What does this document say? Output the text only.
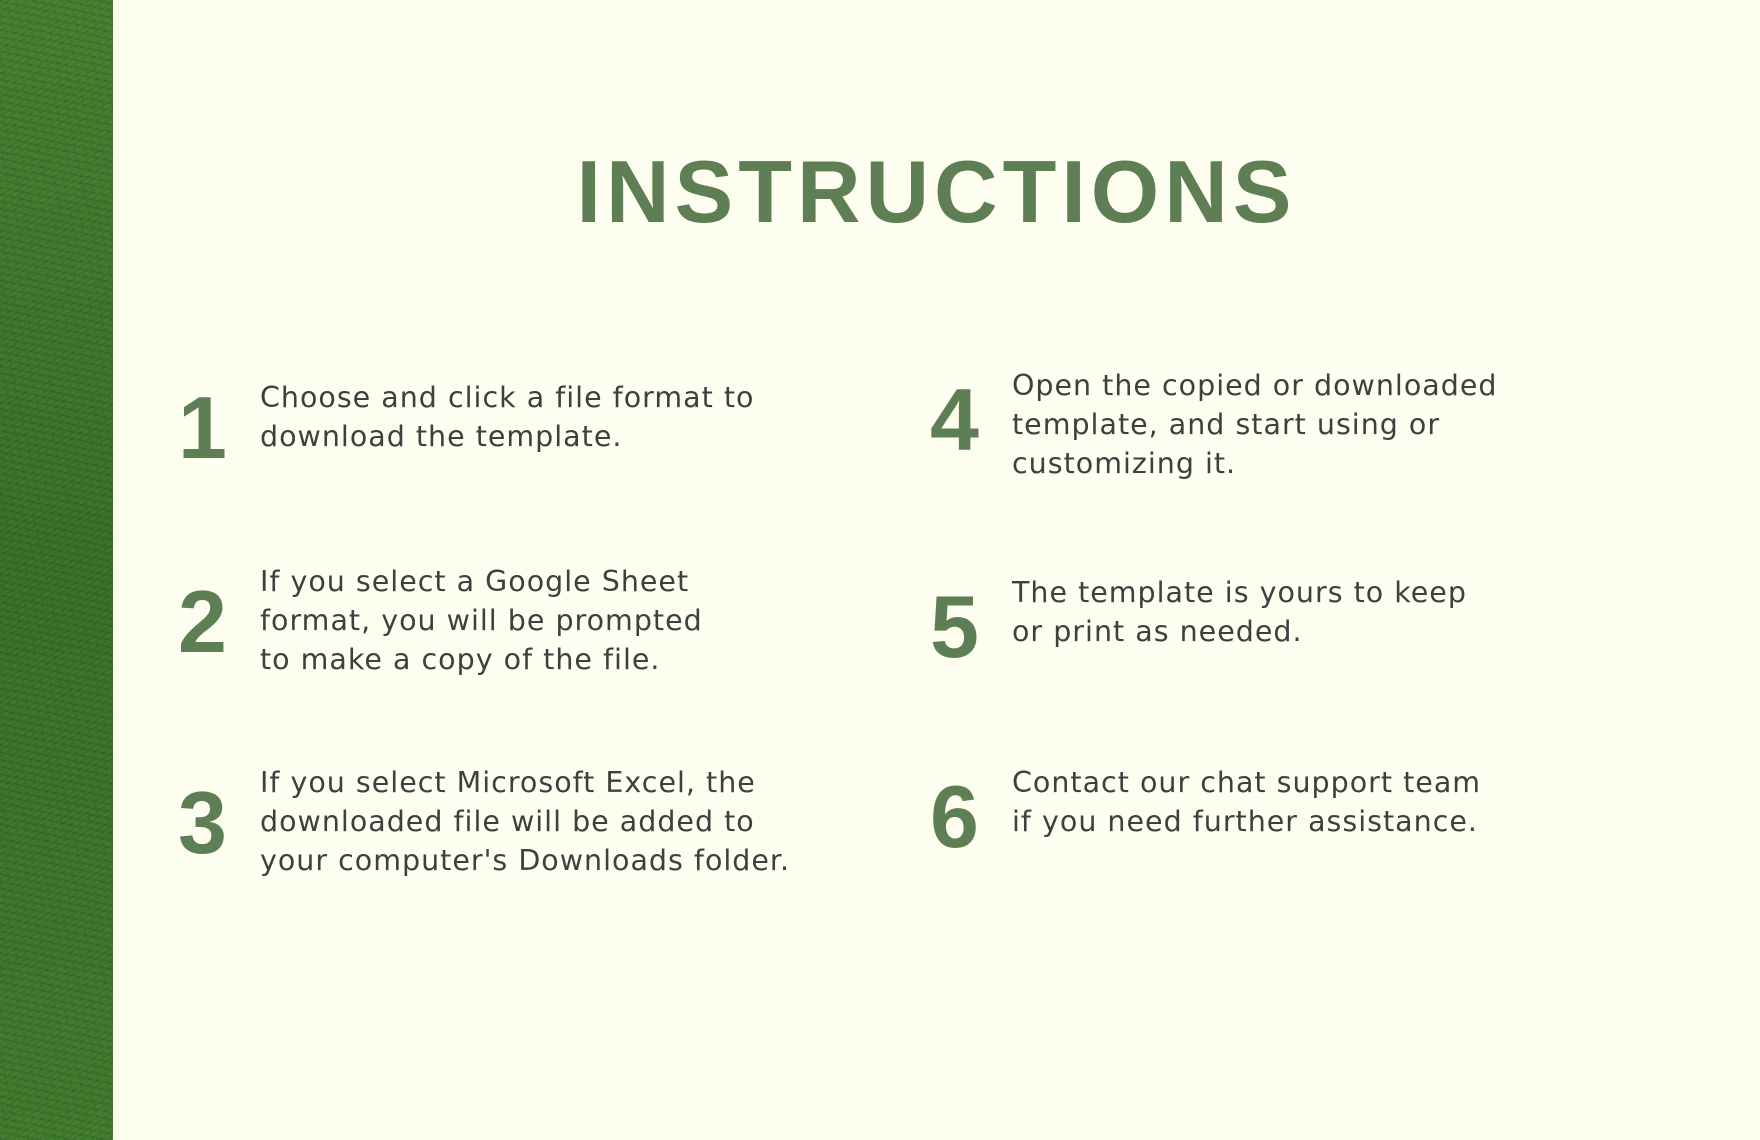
INSTRUCTIONS
1 Choose and click a file format to
download the template.
2 If you select a Google Sheet
format, you will be prompted
to make a copy of the file.
3 If you select Microsoft Excel, the
downloaded file will be added to
your computer's Downloads folder.
4 Open the copied or downloaded
template, and start using or
customizing it.
5 The template is yours to keep
or print as needed.
6 Contact our chat support team
if you need further assistance.
